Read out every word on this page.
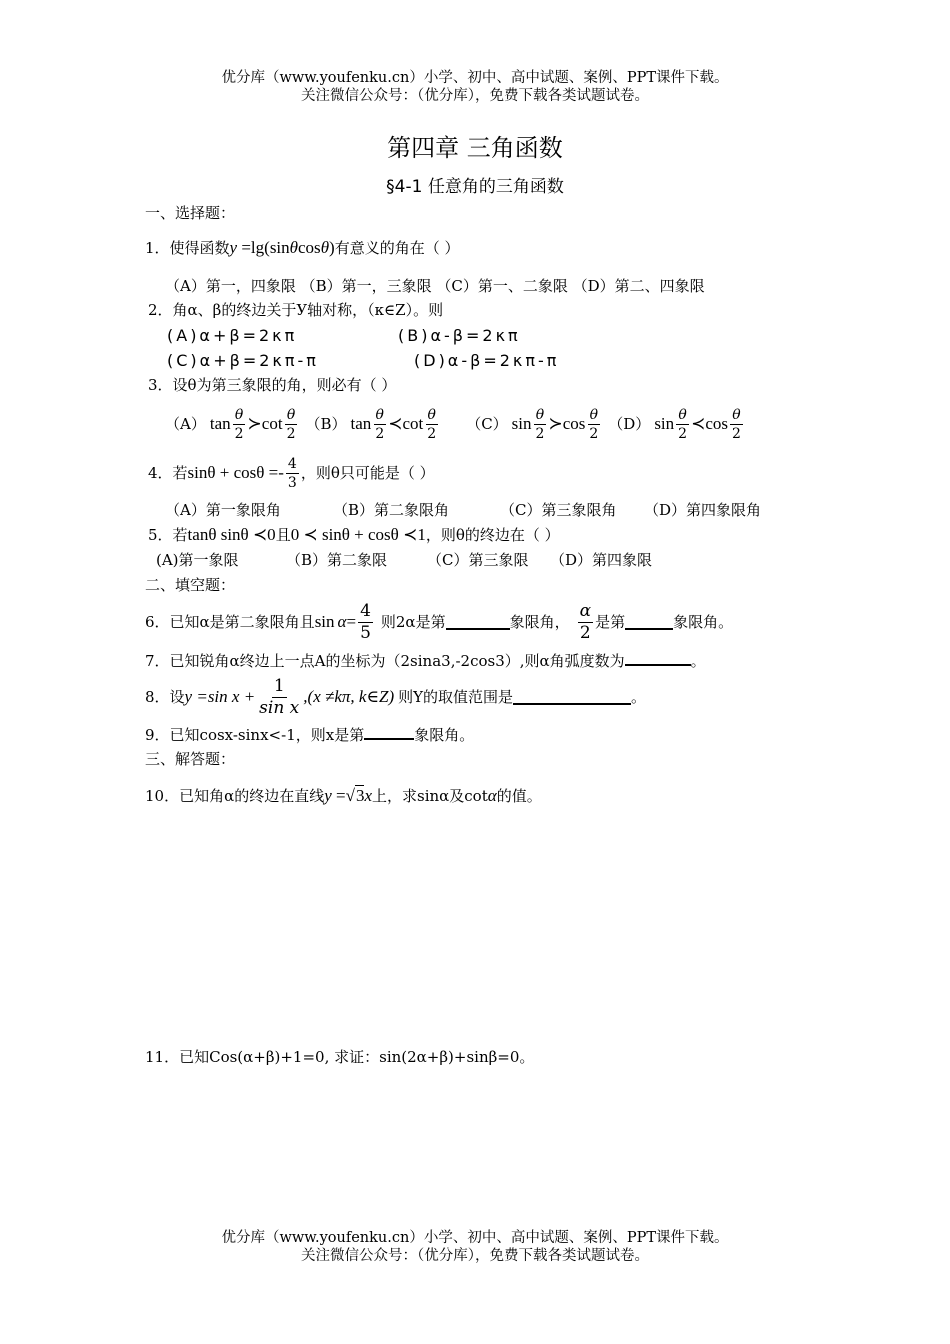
优分库（www.youfenku.cn）小学、初中、高中试题、案例、PPT课件下载。
关注微信公众号：（优分库），免费下载各类试题试卷。
第四章 三角函数
§4-1 任意角的三角函数
一、选择题：
1．使得函数y =lg(sinθcosθ)有意义的角在（ ）
（A）第一，四象限 （B）第一，三象限 （C）第一、二象限 （D）第二、四象限
2．角α、β的终边关于У轴对称，（κ∈Z）。则
(A)α+β=2κπ	(B)α-β=2κπ
(C)α+β=2κπ-π	(D)α-β=2κπ-π
3．设θ为第三象限的角，则必有（ ）
（A） $\tan \frac{\theta}{2}$ ≻ $\cot \frac{\theta}{2} (B)$ $\tan \frac{\theta}{2}$ ≺ $\cot \frac{\theta}{2} (C)$ $\sin \frac{\theta}{2}$ ≻ $\cos \frac{\theta}{2} (D)$ $\sin \frac{\theta}{2}$ ≺ $\cos \frac{\theta}{2}$
4．若 $\sin\theta + \cos\theta =- \frac{4}{3}$ ，则θ只可能是（ ）
（A）第一象限角	（B）第二象限角	（C）第三象限角 （D）第四象限角
5．若tanθ sinθ ≺0且0 ≺ sinθ + cosθ ≺1，则θ的终边在（ ）
(A)第一象限	（B）第二象限	（C）第三象限 （D）第四象限
二、填空题：
6．已知α是第二象限角且 $\sin \alpha = \frac{4}{5}$ 则2α是第	象限角， $\frac{\alpha}{2}$ 是第	象限角。
7．已知锐角α终边上一点A的坐标为（2sina3,-2cos3）,则α角弧度数为	。
8．设 y =sin $x + \frac{1}{\text{sin x}} ,(x \ne k\pi$, k∈Z) 则Y的取值范围是	。
9．已知cosx-sinx<-1，则x是第	象限角。
三、解答题：
10．已知角α的终边在直线y =√3x上，求sinα及cotα的值。
11．已知Cos(α+β)+1=0, 求证：sin(2α+β)+sinβ=0。
优分库（www.youfenku.cn）小学、初中、高中试题、案例、PPT课件下载。
关注微信公众号：（优分库），免费下载各类试题试卷。
